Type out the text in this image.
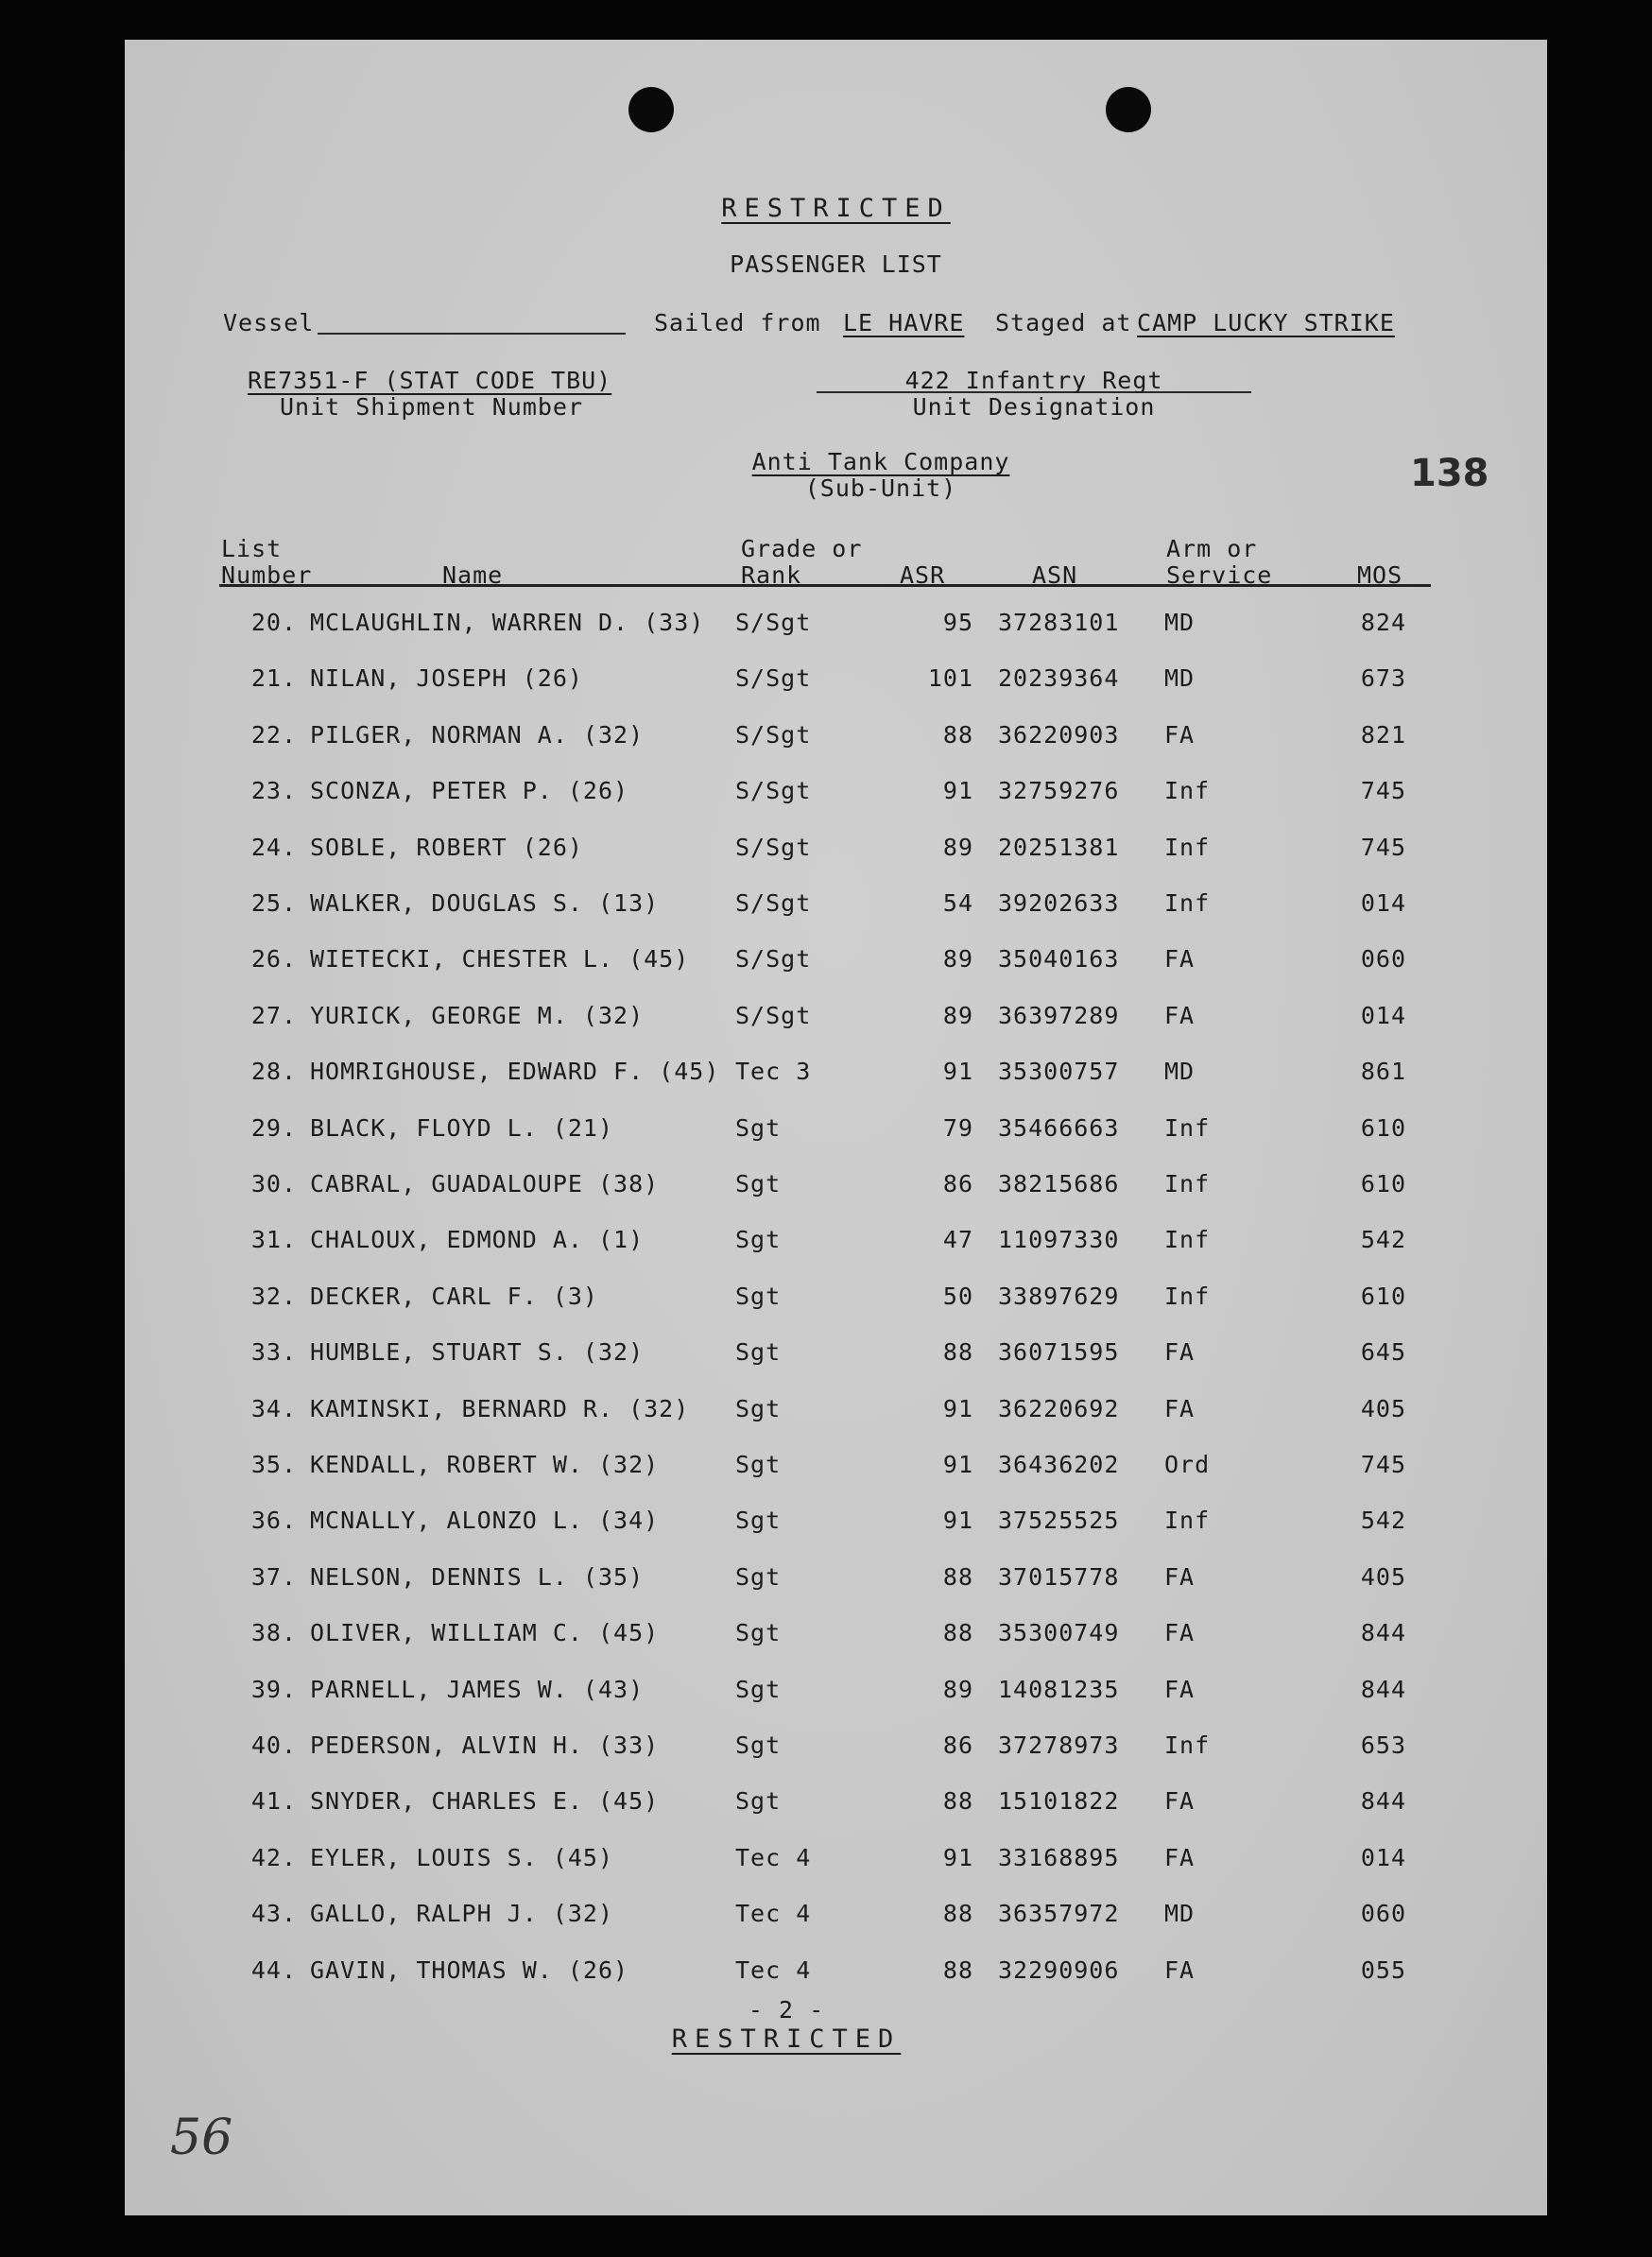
RESTRICTED
PASSENGER LIST
Vessel	Sailed from LE HAVRE Staged at CAMP LUCKY STRIKE
RE7351-F (STAT CODE TBU)
Unit Shipment Number
422 Infantry Regt
Unit Designation
Anti Tank Company
(Sub-Unit)	138
List
Number	Name
Grade or
Rank	ASR	ASN
Arm or
Service	MOS
20. MCLAUGHLIN, WARREN D. (33) S/Sgt	95 37283101 MD	824
21. NILAN, JOSEPH (26)	S/Sgt	101 20239364 MD	673
22. PILGER, NORMAN A. (32)	S/Sgt	88 36220903 FA	821
23. SCONZA, PETER P. (26)	S/Sgt	91 32759276 Inf	745
24. SOBLE, ROBERT (26)	S/Sgt	89 20251381 Inf	745
25. WALKER, DOUGLAS S. (13)	S/Sgt	54 39202633 Inf	014
26. WIETECKI, CHESTER L. (45) S/Sgt	89 35040163 FA	060
27. YURICK, GEORGE M. (32)	S/Sgt	89 36397289 FA	014
28. HOMRIGHOUSE, EDWARD F. (45) Tec 3	91 35300757 MD	861
29. BLACK, FLOYD L. (21)	Sgt	79 35466663 Inf	610
30. CABRAL, GUADALOUPE (38)	Sgt	86 38215686 Inf	610
31. CHALOUX, EDMOND A. (1)	Sgt	47 11097330 Inf	542
32. DECKER, CARL F. (3)	Sgt	50 33897629 Inf	610
33. HUMBLE, STUART S. (32)	Sgt	88 36071595 FA	645
34. KAMINSKI, BERNARD R. (32) Sgt	91 36220692 FA	405
35. KENDALL, ROBERT W. (32)	Sgt	91 36436202 Ord	745
36. MCNALLY, ALONZO L. (34)	Sgt	91 37525525 Inf	542
37. NELSON, DENNIS L. (35)	Sgt	88 37015778 FA	405
38. OLIVER, WILLIAM C. (45)	Sgt	88 35300749 FA	844
39. PARNELL, JAMES W. (43)	Sgt	89 14081235 FA	844
40. PEDERSON, ALVIN H. (33)	Sgt	86 37278973 Inf	653
41. SNYDER, CHARLES E. (45)	Sgt	88 15101822 FA	844
42. EYLER, LOUIS S. (45)	Tec 4	91 33168895 FA	014
43. GALLO, RALPH J. (32)	Tec 4	88 36357972 MD	060
44. GAVIN, THOMAS W. (26)	Tec 4	88 32290906 FA	055
- 2 -
RESTRICTED
56
